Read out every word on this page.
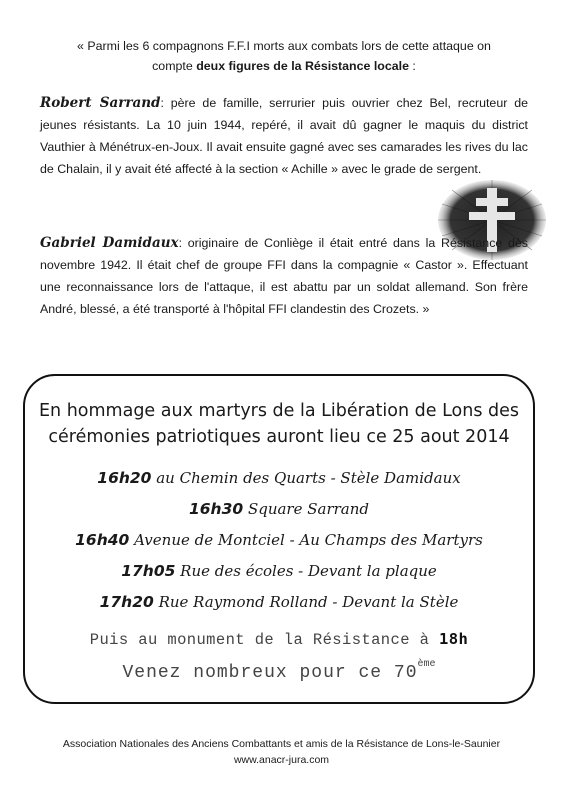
« Parmi les 6 compagnons F.F.I morts aux combats lors de cette attaque on
compte deux figures de la Résistance locale :
Robert Sarrand: père de famille, serrurier puis ouvrier chez Bel, recruteur de jeunes résistants. La 10 juin 1944, repéré, il avait dû gagner le maquis du district Vauthier à Ménétrux-en-Joux. Il avait ensuite gagné avec ses camarades les rives du lac de Chalain, il y avait été affecté à la section « Achille » avec le grade de sergent.
Gabriel Damidaux: originaire de Conliège il était entré dans la Résistance dès novembre 1942. Il était chef de groupe FFI dans la compagnie « Castor ». Effectuant une reconnaissance lors de l'attaque, il est abattu par un soldat allemand. Son frère André, blessé, a été transporté à l'hôpital FFI clandestin des Crozets. »
En hommage aux martyrs de la Libération de Lons des
cérémonies patriotiques auront lieu ce 25 aout 2014
16h20 au Chemin des Quarts - Stèle Damidaux
16h30 Square Sarrand
16h40 Avenue de Montciel - Au Champs des Martyrs
17h05 Rue des écoles - Devant la plaque
17h20 Rue Raymond Rolland - Devant la Stèle
Puis au monument de la Résistance à 18h
Venez nombreux pour ce 70ème
Association Nationales des Anciens Combattants et amis de la Résistance de Lons-le-Saunier
www.anacr-jura.com
